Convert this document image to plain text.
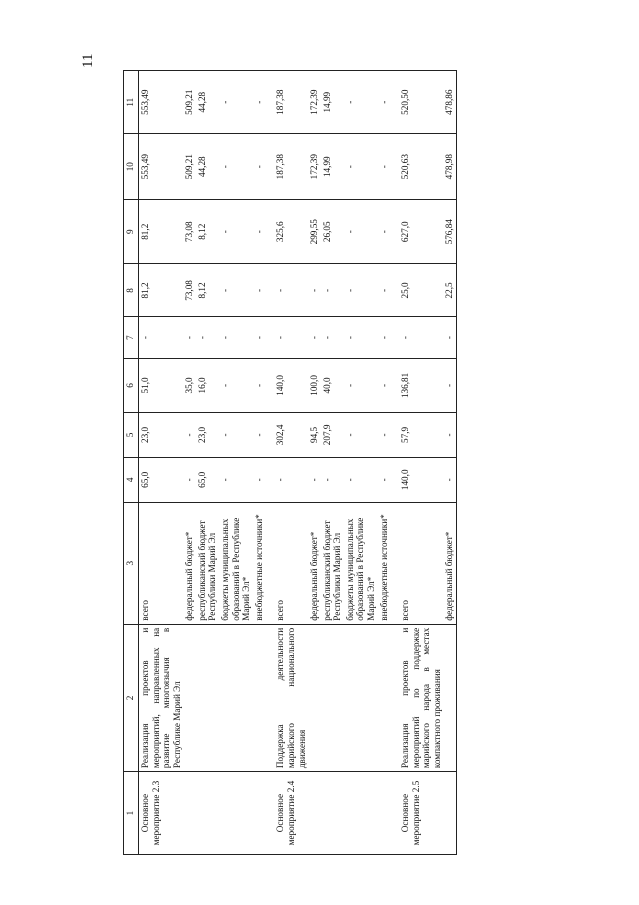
11
1	2	3	4	5	6	7	8	9	10	11
Основное мероприятие 2.3	Реализация проектов и мероприятий, направленных на развитие многоязычия в Республике Марий Эл	всего	65,0	23,0	51,0	-	81,2	81,2	553,49	553,49
		федеральный бюджет*	-	-	35,0	-	73,08	73,08	509,21	509,21
		республиканский бюджет Республики Марий Эл	65,0	23,0	16,0	-	8,12	8,12	44,28	44,28
		бюджеты муниципальных образований в Республике Марий Эл*	-	-	-	-	-	-	-	-
		внебюджетные источники*	-	-	-	-	-	-	-	-
Основное мероприятие 2.4	Поддержка деятельности марийского национального движения	всего	-	302,4	140,0	-	-	325,6	187,38	187,38
		федеральный бюджет*	-	94,5	100,0	-	-	299,55	172,39	172,39
		республиканский бюджет Республики Марий Эл	-	207,9	40,0	-	-	26,05	14,99	14,99
		бюджеты муниципальных образований в Республике Марий Эл*	-	-	-	-	-	-	-	-
		внебюджетные источники*	-	-	-	-	-	-	-	-
Основное мероприятие 2.5	Реализация проектов и мероприятий по поддержке марийского народа в местах компактного проживания	всего	140,0	57,9	136,81	-	25,0	627,0	520,63	520,50
		федеральный бюджет*	-	-	-	-	22,5	576,84	478,98	478,86
